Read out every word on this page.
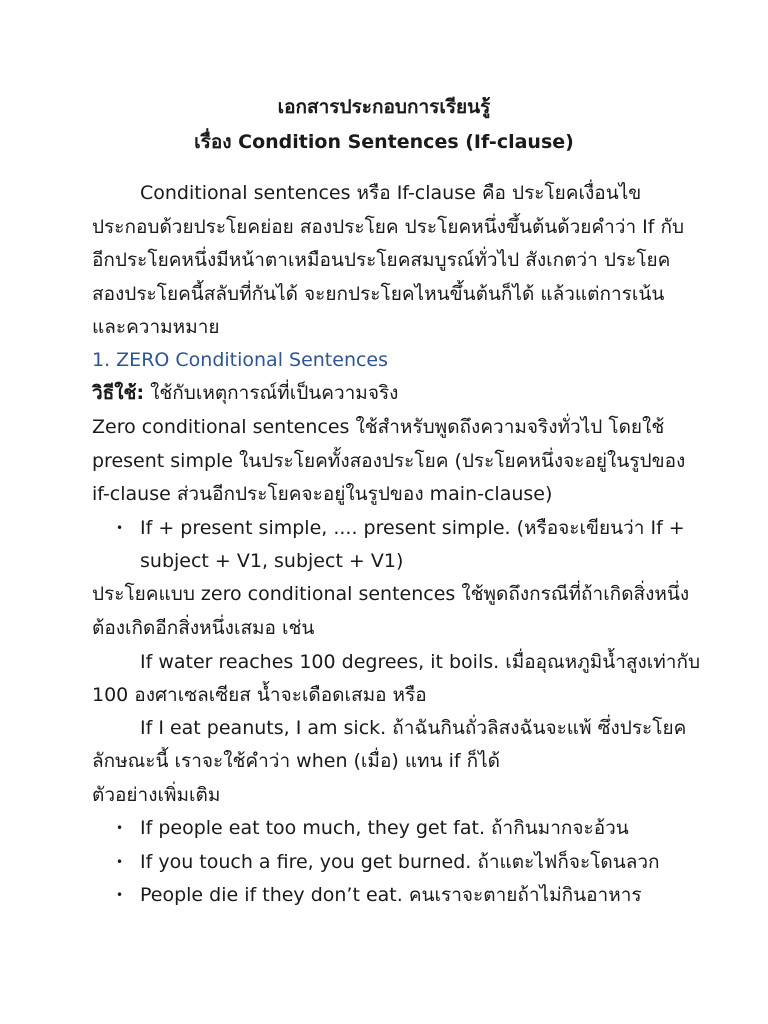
เอกสารประกอบการเรียนรู้
เรื่อง Condition Sentences (If-clause)
Conditional sentences หรือ If-clause คือ ประโยคเงื่อนไข
ประกอบด้วยประโยคย่อย สองประโยค ประโยคหนึ่งขึ้นต้นด้วยคำว่า If กับ
อีกประโยคหนึ่งมีหน้าตาเหมือนประโยคสมบูรณ์ทั่วไป สังเกตว่า ประโยค
สองประโยคนี้สลับที่กันได้ จะยกประโยคไหนขึ้นต้นก็ได้ แล้วแต่การเน้น
และความหมาย
1. ZERO Conditional Sentences
วิธีใช้: ใช้กับเหตุการณ์ที่เป็นความจริง
Zero conditional sentences ใช้สำหรับพูดถึงความจริงทั่วไป โดยใช้
present simple ในประโยคทั้งสองประโยค (ประโยคหนึ่งจะอยู่ในรูปของ
if-clause ส่วนอีกประโยคจะอยู่ในรูปของ main-clause)
• If + present simple, .... present simple. (หรือจะเขียนว่า If +
subject + V1, subject + V1)
ประโยคแบบ zero conditional sentences ใช้พูดถึงกรณีที่ถ้าเกิดสิ่งหนึ่ง
ต้องเกิดอีกสิ่งหนึ่งเสมอ เช่น
If water reaches 100 degrees, it boils. เมื่ออุณหภูมิน้ำสูงเท่ากับ
100 องศาเซลเซียส น้ำจะเดือดเสมอ หรือ
If I eat peanuts, I am sick. ถ้าฉันกินถั่วลิสงฉันจะแพ้ ซึ่งประโยค
ลักษณะนี้ เราจะใช้คำว่า when (เมื่อ) แทน if ก็ได้
ตัวอย่างเพิ่มเติม
• If people eat too much, they get fat. ถ้ากินมากจะอ้วน
• If you touch a fire, you get burned. ถ้าแตะไฟก็จะโดนลวก
• People die if they don’t eat. คนเราจะตายถ้าไม่กินอาหาร
